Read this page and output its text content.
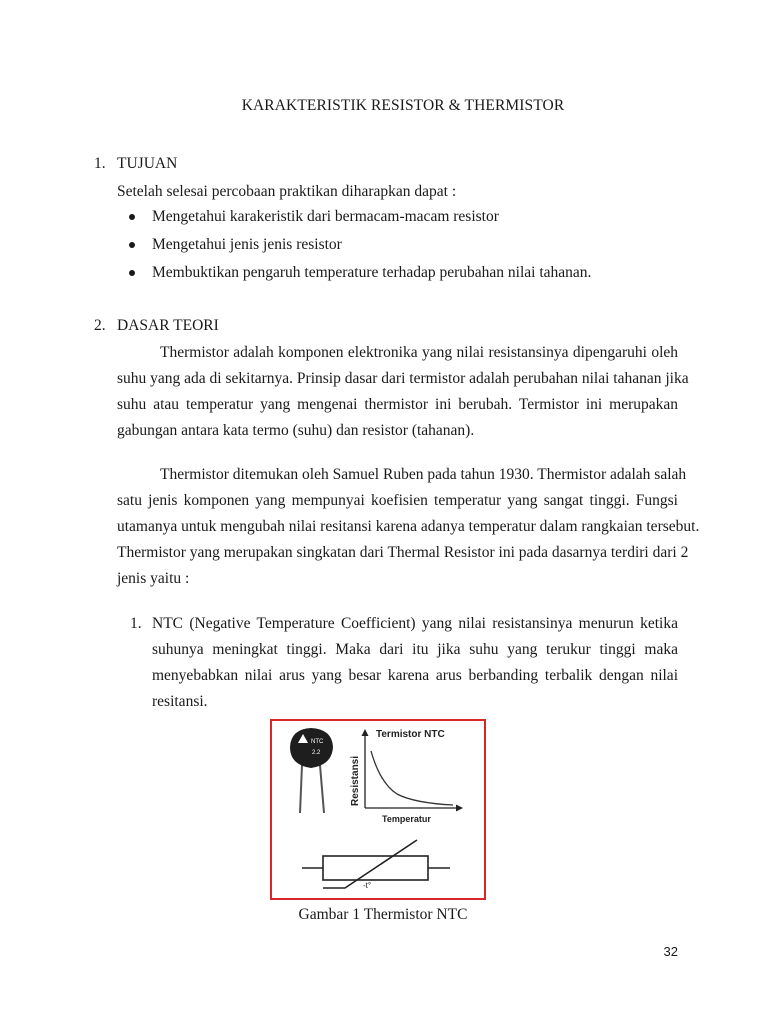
KARAKTERISTIK RESISTOR & THERMISTOR
1. TUJUAN
Setelah selesai percobaan praktikan diharapkan dapat :
Mengetahui karakeristik dari bermacam-macam resistor
Mengetahui jenis jenis resistor
Membuktikan pengaruh temperature terhadap perubahan nilai tahanan.
2. DASAR TEORI
Thermistor adalah komponen elektronika yang nilai resistansinya dipengaruhi oleh
suhu yang ada di sekitarnya. Prinsip dasar dari termistor adalah perubahan nilai tahanan jika
suhu atau temperatur yang mengenai thermistor ini berubah. Termistor ini merupakan
gabungan antara kata termo (suhu) dan resistor (tahanan).
Thermistor ditemukan oleh Samuel Ruben pada tahun 1930. Thermistor adalah salah
satu jenis komponen yang mempunyai koefisien temperatur yang sangat tinggi. Fungsi
utamanya untuk mengubah nilai resitansi karena adanya temperatur dalam rangkaian tersebut.
Thermistor yang merupakan singkatan dari Thermal Resistor ini pada dasarnya terdiri dari 2
jenis yaitu :
1. NTC (Negative Temperature Coefficient) yang nilai resistansinya menurun ketika
suhunya meningkat tinggi. Maka dari itu jika suhu yang terukur tinggi maka
menyebabkan nilai arus yang besar karena arus berbanding terbalik dengan nilai
resitansi.
NTC
2.2
Termistor NTC
Resistansi
Temperatur
-t°
Gambar 1 Thermistor NTC
32
